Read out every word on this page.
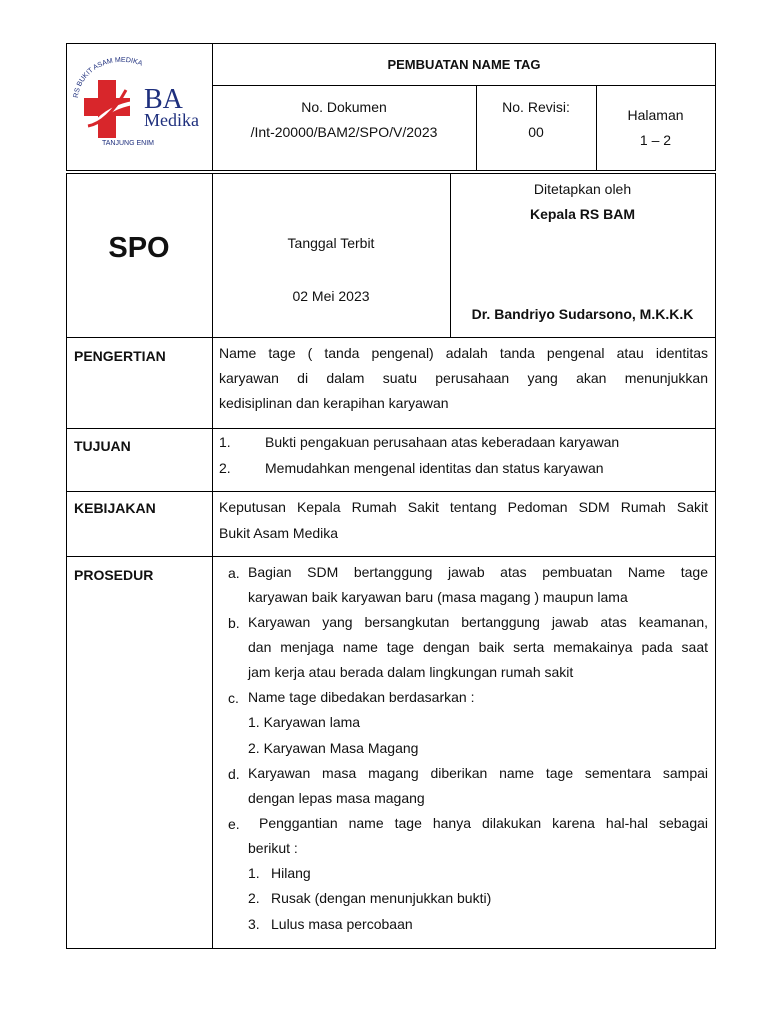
RS BUKIT ASAM MEDIKA
BA
Medika
TANJUNG ENIM
PEMBUATAN NAME TAG
No. Dokumen
/Int-20000/BAM2/SPO/V/2023
No. Revisi:
00
Halaman
1 – 2
SPO	Tanggal Terbit
02 Mei 2023
Ditetapkan oleh
Kepala RS BAM
Dr. Bandriyo Sudarsono, M.K.K.K
PENGERTIAN	Name tage ( tanda pengenal) adalah tanda pengenal atau identitas
karyawan di dalam suatu perusahaan yang akan menunjukkan
kedisiplinan dan kerapihan karyawan
TUJUAN	1. Bukti pengakuan perusahaan atas keberadaan karyawan
2. Memudahkan mengenal identitas dan status karyawan
KEBIJAKAN	Keputusan Kepala Rumah Sakit tentang Pedoman SDM Rumah Sakit
Bukit Asam Medika
PROSEDUR	a. Bagian SDM bertanggung jawab atas pembuatan Name tage
karyawan baik karyawan baru (masa magang ) maupun lama
b. Karyawan yang bersangkutan bertanggung jawab atas keamanan,
dan menjaga name tage dengan baik serta memakainya pada saat
jam kerja atau berada dalam lingkungan rumah sakit
c. Name tage dibedakan berdasarkan :
1. Karyawan lama
2. Karyawan Masa Magang
d. Karyawan masa magang diberikan name tage sementara sampai
dengan lepas masa magang
e. Penggantian name tage hanya dilakukan karena hal-hal sebagai
berikut :
1. Hilang
2. Rusak (dengan menunjukkan bukti)
3. Lulus masa percobaan
